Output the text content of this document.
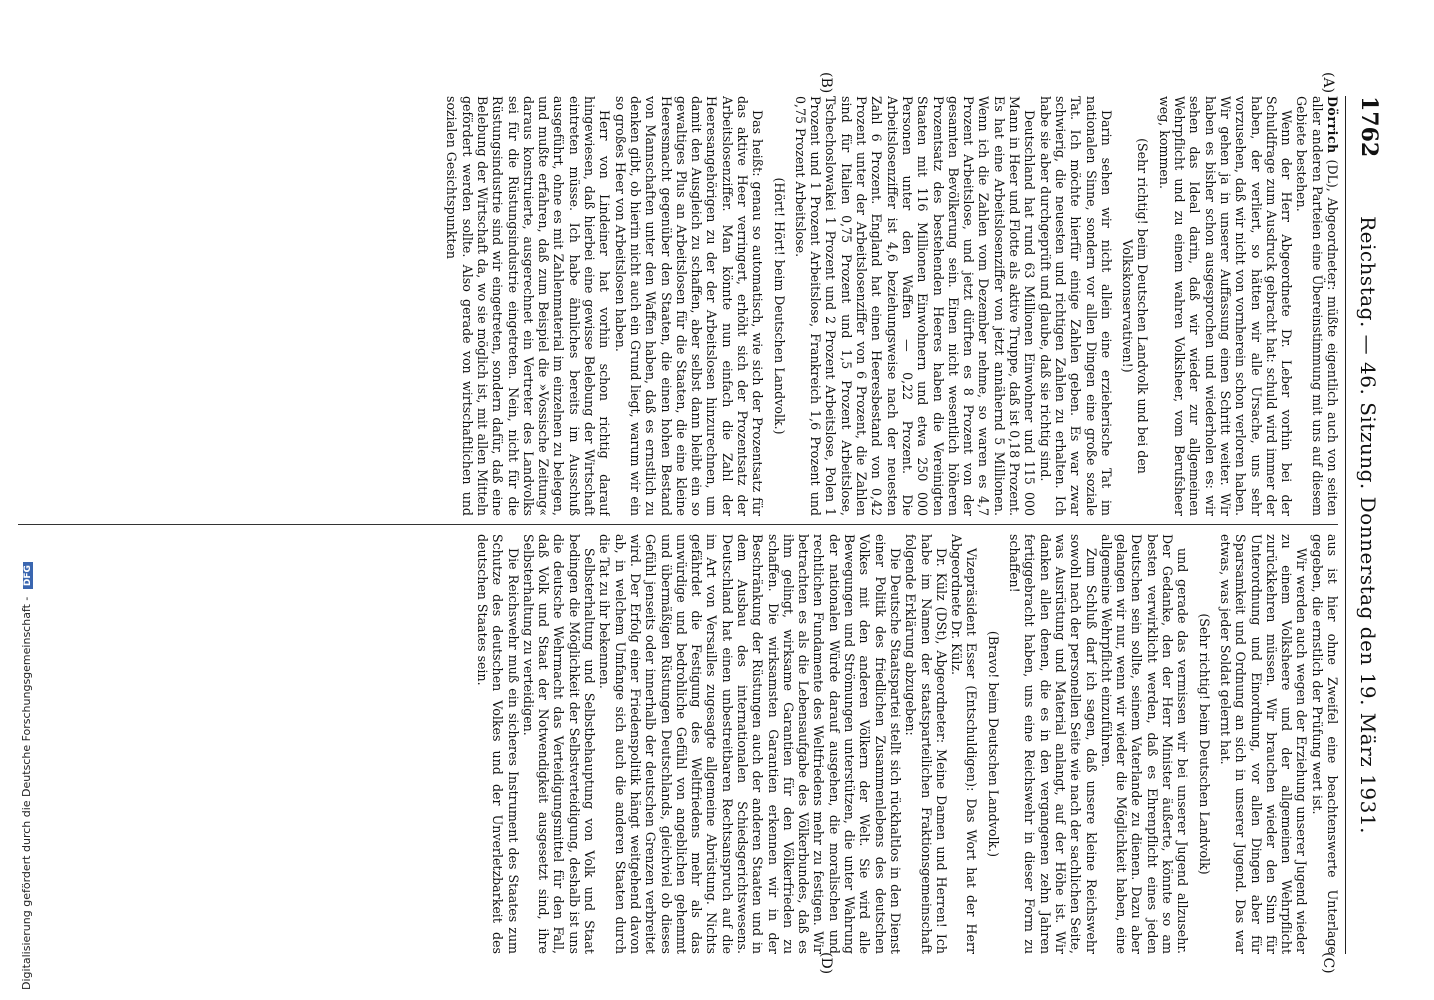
1762
Reichstag. — 46. Sitzung. Donnerstag den 19. März 1931.
(A)
(B)
(C)
(D)

Dörrich (DL), Abgeordneter: müßte eigentlich auch von seiten aller anderen Parteien eine Übereinstimmung mit uns auf diesem Gebiete bestehen.

Wenn der Herr Abgeordnete Dr. Leber vorhin bei der Schuldfrage zum Ausdruck gebracht hat: schuld wird immer der haben, der verliert, so hätten wir alle Ursache, uns sehr vorzusehen, daß wir nicht von vornherein schon verloren haben. Wir gehen ja in unserer Auffassung einen Schritt weiter. Wir haben es bisher schon ausgesprochen und wiederholen es: wir sehen das Ideal darin, daß wir wieder zur allgemeinen Wehrpflicht und zu einem wahren Volksheer, vom Berufsheer weg, kommen.

(Sehr richtig! beim Deutschen Landvolk und bei den Volkskonservativen!)

Darin sehen wir nicht allein eine erzieherische Tat im nationalen Sinne, sondern vor allen Dingen eine große soziale Tat. Ich möchte hierfür einige Zahlen geben. Es war zwar schwierig, die neuesten und richtigen Zahlen zu erhalten. Ich habe sie aber durchgeprüft und glaube, daß sie richtig sind.

Deutschland hat rund 63 Millionen Einwohner und 115 000 Mann in Heer und Flotte als aktive Truppe, daß ist 0,18 Prozent. Es hat eine Arbeitslosenziffer von jetzt annähernd 5 Millionen. Wenn ich die Zahlen vom Dezember nehme, so waren es 4,7 Prozent Arbeitslose, und jetzt dürften es 8 Prozent von der gesamten Bevölkerung sein. Einen nicht wesentlich höheren Prozentsatz des bestehenden Heeres haben die Vereinigten Staaten mit 116 Millionen Einwohnern und etwa 250 000 Personen unter den Waffen — 0,22 Prozent. Die Arbeitslosenziffer ist 4,6 beziehungsweise nach der neuesten Zahl 6 Prozent. England hat einen Heeresbestand von 0,42 Prozent unter der Arbeitslosenziffer von 6 Prozent, die Zahlen sind für Italien 0,75 Prozent und 1,5 Prozent Arbeitslose, Tschechoslowakei 1 Prozent und 2 Prozent Arbeitslose, Polen 1 Prozent und 1 Prozent Arbeitslose, Frankreich 1,6 Prozent und 0,75 Prozent Arbeitslose.

(Hört! Hört! beim Deutschen Landvolk.)

Das heißt: genau so automatisch, wie sich der Prozentsatz für das aktive Heer verringert, erhöht sich der Prozentsatz der Arbeitslosenziffer. Man könnte nun einfach die Zahl der Heeresangehörigen zu der der Arbeitslosen hinzurechnen, um damit den Ausgleich zu schaffen, aber selbst dann bleibt ein so gewaltiges Plus an Arbeitslosen für die Staaten, die eine kleine Heeresmacht gegenüber den Staaten, die einen hohen Bestand von Mannschaften unter den Waffen haben, daß es ernstlich zu denken gibt, ob hierin nicht auch ein Grund liegt, warum wir ein so großes Heer von Arbeitslosen haben.

Herr von Lindeiner hat vorhin schon richtig darauf hingewiesen, daß hierbei eine gewisse Belebung der Wirtschaft eintreten müsse. Ich habe ähnliches bereits im Ausschuß ausgeführt, ohne es mit Zahlenmaterial im einzelnen zu belegen, und mußte erfahren, daß zum Beispiel die »Vossische Zeitung« daraus konstruierte, ausgerechnet ein Vertreter des Landvolks sei für die Rüstungsindustrie eingetreten. Nein, nicht für die Rüstungsindustrie sind wir eingetreten, sondern dafür, daß eine Belebung der Wirtschaft da, wo sie möglich ist, mit allen Mitteln gefördert werden sollte. Also gerade von wirtschaftlichen und sozialen Gesichtspunkten

aus ist hier ohne Zweifel eine beachtenswerte Unterlage gegeben, die ernstlich der Prüfung wert ist.

Wir werden auch wegen der Erziehung unserer Jugend wieder zu einem Volksheere und der allgemeinen Wehrpflicht zurückkehren müssen. Wir brauchen wieder den Sinn für Unterordnung und Einordnung, vor allen Dingen aber für Sparsamkeit und Ordnung an sich in unserer Jugend. Das war etwas, was jeder Soldat gelernt hat.

(Sehr richtig! beim Deutschen Landvolk)

und gerade das vermissen wir bei unserer Jugend allzusehr. Der Gedanke, den der Herr Minister äußerte, könnte so am besten verwirklicht werden, daß es Ehrenpflicht eines jeden Deutschen sein sollte, seinem Vaterlande zu dienen. Dazu aber gelangen wir nur, wenn wir wieder die Möglichkeit haben, eine allgemeine Wehrpflicht einzuführen.

Zum Schluß darf ich sagen, daß unsere kleine Reichswehr sowohl nach der personellen Seite wie nach der sachlichen Seite, was Ausrüstung und Material anlangt, auf der Höhe ist. Wir danken allen denen, die es in den vergangenen zehn Jahren fertiggebracht haben, uns eine Reichswehr in dieser Form zu schaffen!

(Bravo! beim Deutschen Landvolk.)

Vizepräsident Esser (Entschuldigen): Das Wort hat der Herr Abgeordnete Dr. Külz.

Dr. Külz (DSt), Abgeordneter: Meine Damen und Herren! Ich habe im Namen der staatsparteilichen Fraktionsgemeinschaft folgende Erklärung abzugeben:

Die Deutsche Staatspartei stellt sich rückhaltlos in den Dienst einer Politik des friedlichen Zusammenlebens des deutschen Volkes mit den anderen Völkern der Welt. Sie wird alle Bewegungen und Strömungen unterstützen, die unter Wahrung der nationalen Würde darauf ausgehen, die moralischen und rechtlichen Fundamente des Weltfriedens mehr zu festigen. Wir betrachten es als die Lebensaufgabe des Völkerbundes, daß es ihm gelingt, wirksame Garantien für den Völkerfrieden zu schaffen. Die wirksamsten Garantien erkennen wir in der Beschränkung der Rüstungen auch der anderen Staaten und in dem Ausbau des internationalen Schiedsgerichtswesens. Deutschland hat einen unbestreitbaren Rechtsanspruch auf die im Art von Versailles zugesagte allgemeine Abrüstung. Nichts gefährdet die Festigung des Weltfriedens mehr als das unwürdige und bedrohliche Gefühl von angeblichen gehemmt und übermäßigen Rüstungen Deutschlands, gleichviel ob dieses Gefühl jenseits oder innerhalb der deutschen Grenzen verbreitet wird. Der Erfolg einer Friedenspolitik hängt weitgehend davon ab, in welchem Umfange sich auch die anderen Staaten durch die Tat zu ihr bekennen.

Selbsterhaltung und Selbstbehauptung von Volk und Staat bedingen die Möglichkeit der Selbstverteidigung, deshalb ist uns die deutsche Wehrmacht das Verteidigungsmittel für den Fall, daß Volk und Staat der Notwendigkeit ausgesetzt sind, ihre Selbsterhaltung zu verteidigen.

Die Reichswehr muß ein sicheres Instrument des Staates zum Schutze des deutschen Volkes und der Unverletzbarkeit des deutschen Staates sein.

Digitalisierung gefördert durch die Deutsche Forschungsgemeinschaft - DFG
